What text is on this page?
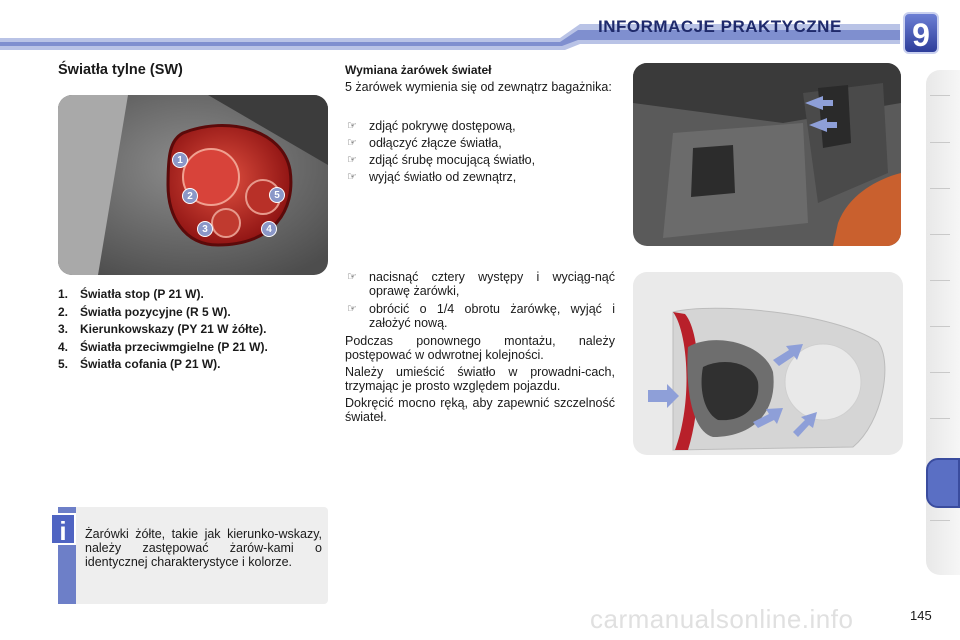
INFORMACJE PRAKTYCZNE 9
Światła tylne (SW)
1
2
3	4
5
1. Światła stop (P 21 W).
2. Światła pozycyjne (R 5 W).
3. Kierunkowskazy (PY 21 W żółte).
4. Światła przeciwmgielne (P 21 W).
5. Światła cofania (P 21 W).
Wymiana żarówek świateł
5 żarówek wymienia się od zewnątrz bagażnika:
☞ zdjąć pokrywę dostępową,
☞ odłączyć złącze światła,
☞ zdjąć śrubę mocującą światło,
☞ wyjąć światło od zewnątrz,
☞ nacisnąć cztery występy i wyciąg-nąć oprawę żarówki,
☞ obrócić o 1/4 obrotu żarówkę, wyjąć i założyć nową.

Podczas ponownego montażu, należy postępować w odwrotnej kolejności.

Należy umieścić światło w prowadni-cach, trzymając je prosto względem pojazdu.

Dokręcić mocno ręką, aby zapewnić szczelność świateł.

i	Żarówki żółte, takie jak kierunko-wskazy, należy zastępować żarów-kami o identycznej charakterystyce i kolorze.
carmanualsonline.info	145
